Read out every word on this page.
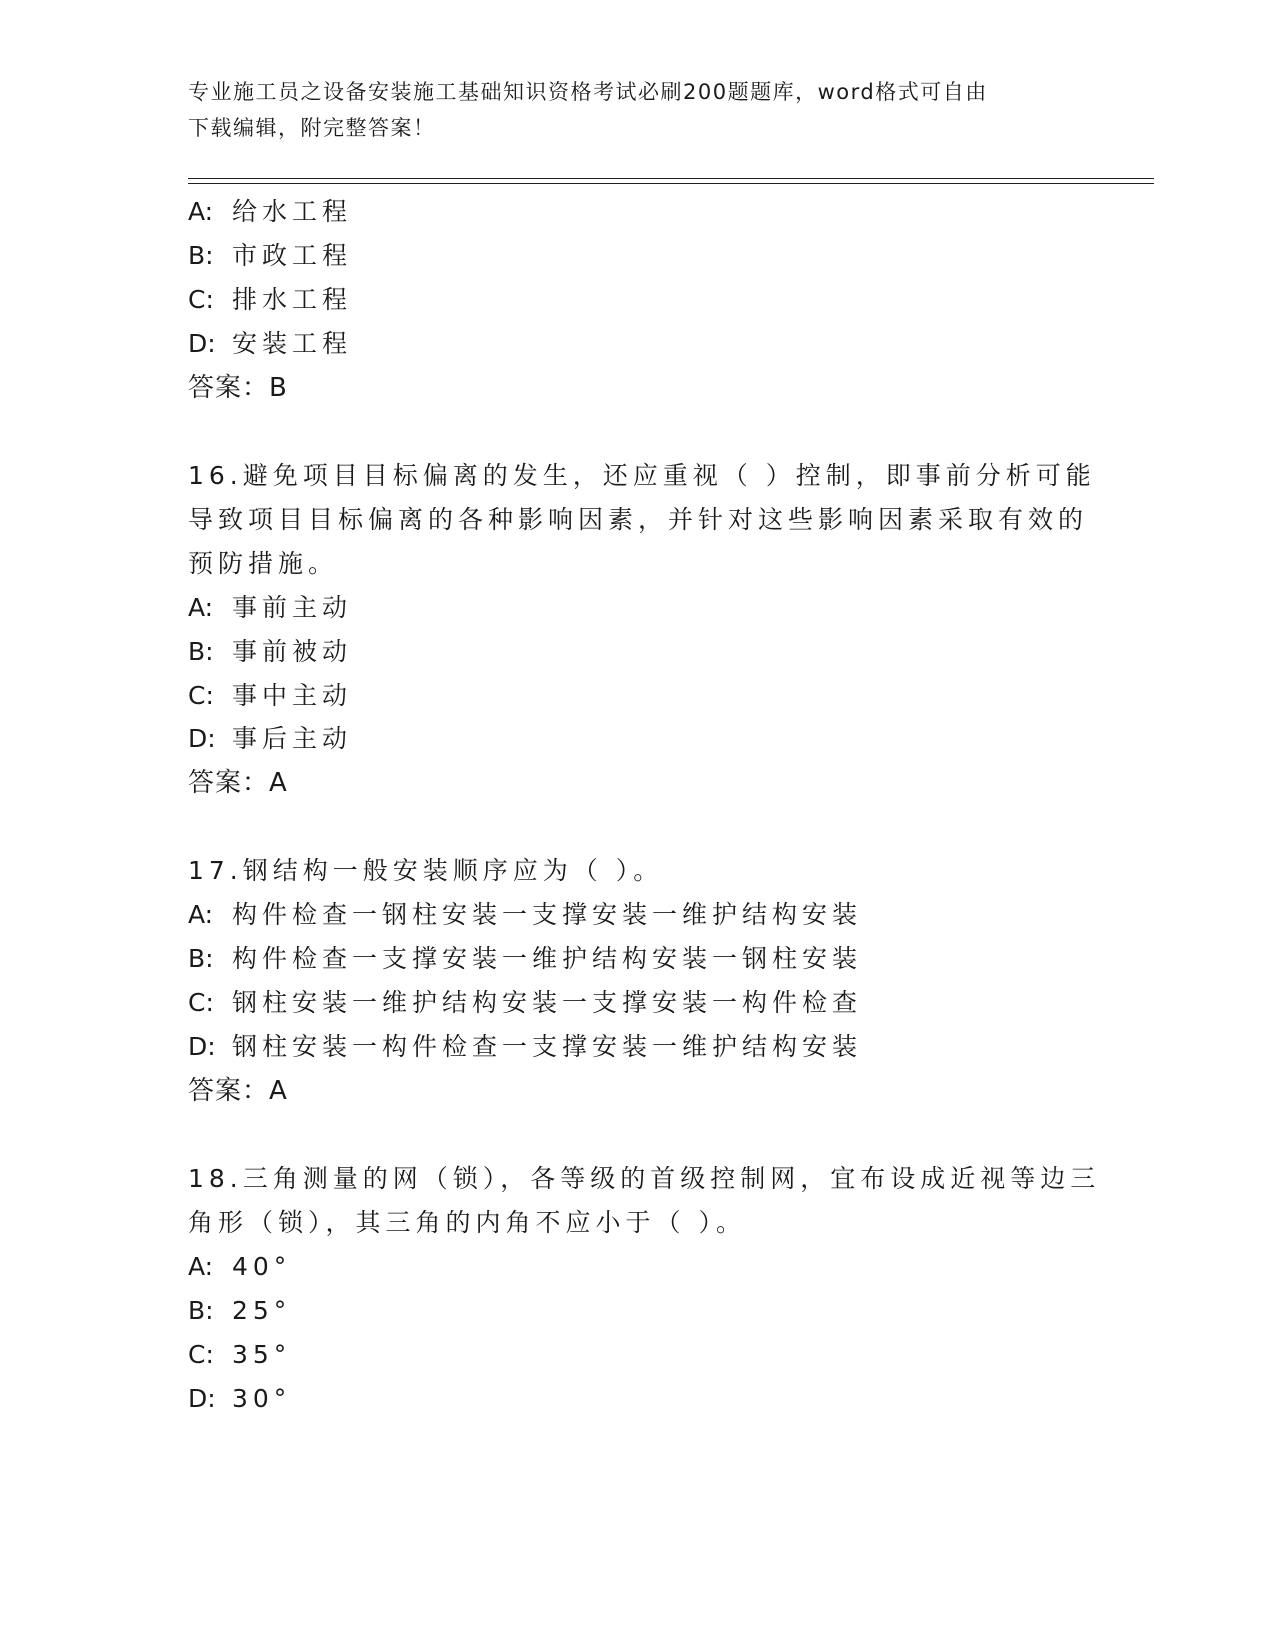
专业施工员之设备安装施工基础知识资格考试必刷200题题库，word格式可自由
下载编辑，附完整答案！
A: 给水工程
B: 市政工程
C: 排水工程
D: 安装工程
答案：B
16.避免项目目标偏离的发生，还应重视（ ）控制，即事前分析可能
导致项目目标偏离的各种影响因素，并针对这些影响因素采取有效的
预防措施。
A: 事前主动
B: 事前被动
C: 事中主动
D: 事后主动
答案：A
17.钢结构一般安装顺序应为（ ）。
A: 构件检查一钢柱安装一支撑安装一维护结构安装
B: 构件检查一支撑安装一维护结构安装一钢柱安装
C: 钢柱安装一维护结构安装一支撑安装一构件检查
D: 钢柱安装一构件检查一支撑安装一维护结构安装
答案：A
18.三角测量的网（锁），各等级的首级控制网，宜布设成近视等边三
角形（锁），其三角的内角不应小于（ ）。
A: 40°
B: 25°
C: 35°
D: 30°
